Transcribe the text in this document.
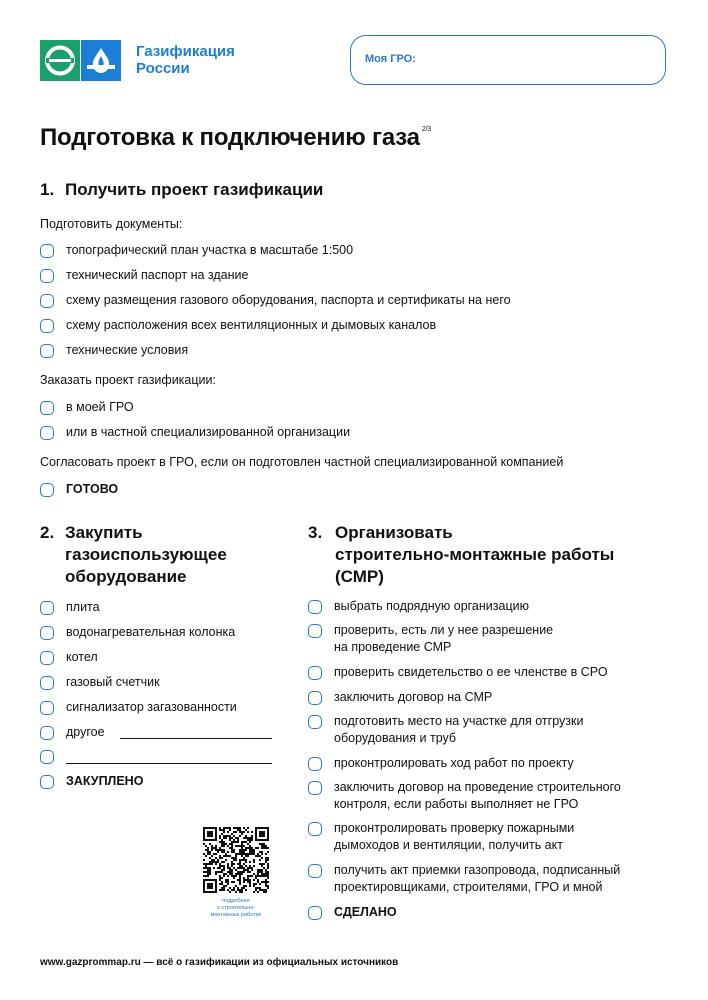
Газификация
России
Моя ГРО:
Подготовка к подключению газа $^{2/3}$
1. Получить проект газификации
Подготовить документы:
топографический план участка в масштабе 1:500
технический паспорт на здание
схему размещения газового оборудования, паспорта и сертификаты на него
схему расположения всех вентиляционных и дымовых каналов
технические условия
Заказать проект газификации:
в моей ГРО
или в частной специализированной организации
Согласовать проект в ГРО, если он подготовлен частной специализированной компанией
ГОТОВО
2. Закупить
газоиспользующее
оборудование
плита
водонагревательная колонка
котел
газовый счетчик
сигнализатор загазованности
другое
ЗАКУПЛЕНО
подробнее
о строительно-
монтажных работах
3. Организовать
строительно-монтажные работы
(СМР)
выбрать подрядную организацию
проверить, есть ли у нее разрешение
на проведение СМР
проверить свидетельство о ее членстве в СРО
заключить договор на СМР
подготовить место на участке для отгрузки
оборудования и труб
проконтролировать ход работ по проекту
заключить договор на проведение строительного
контроля, если работы выполняет не ГРО
проконтролировать проверку пожарными
дымоходов и вентиляции, получить акт
получить акт приемки газопровода, подписанный
проектировщиками, строителями, ГРО и мной
СДЕЛАНО
www.gazprommap.ru — всё о газификации из официальных источников
